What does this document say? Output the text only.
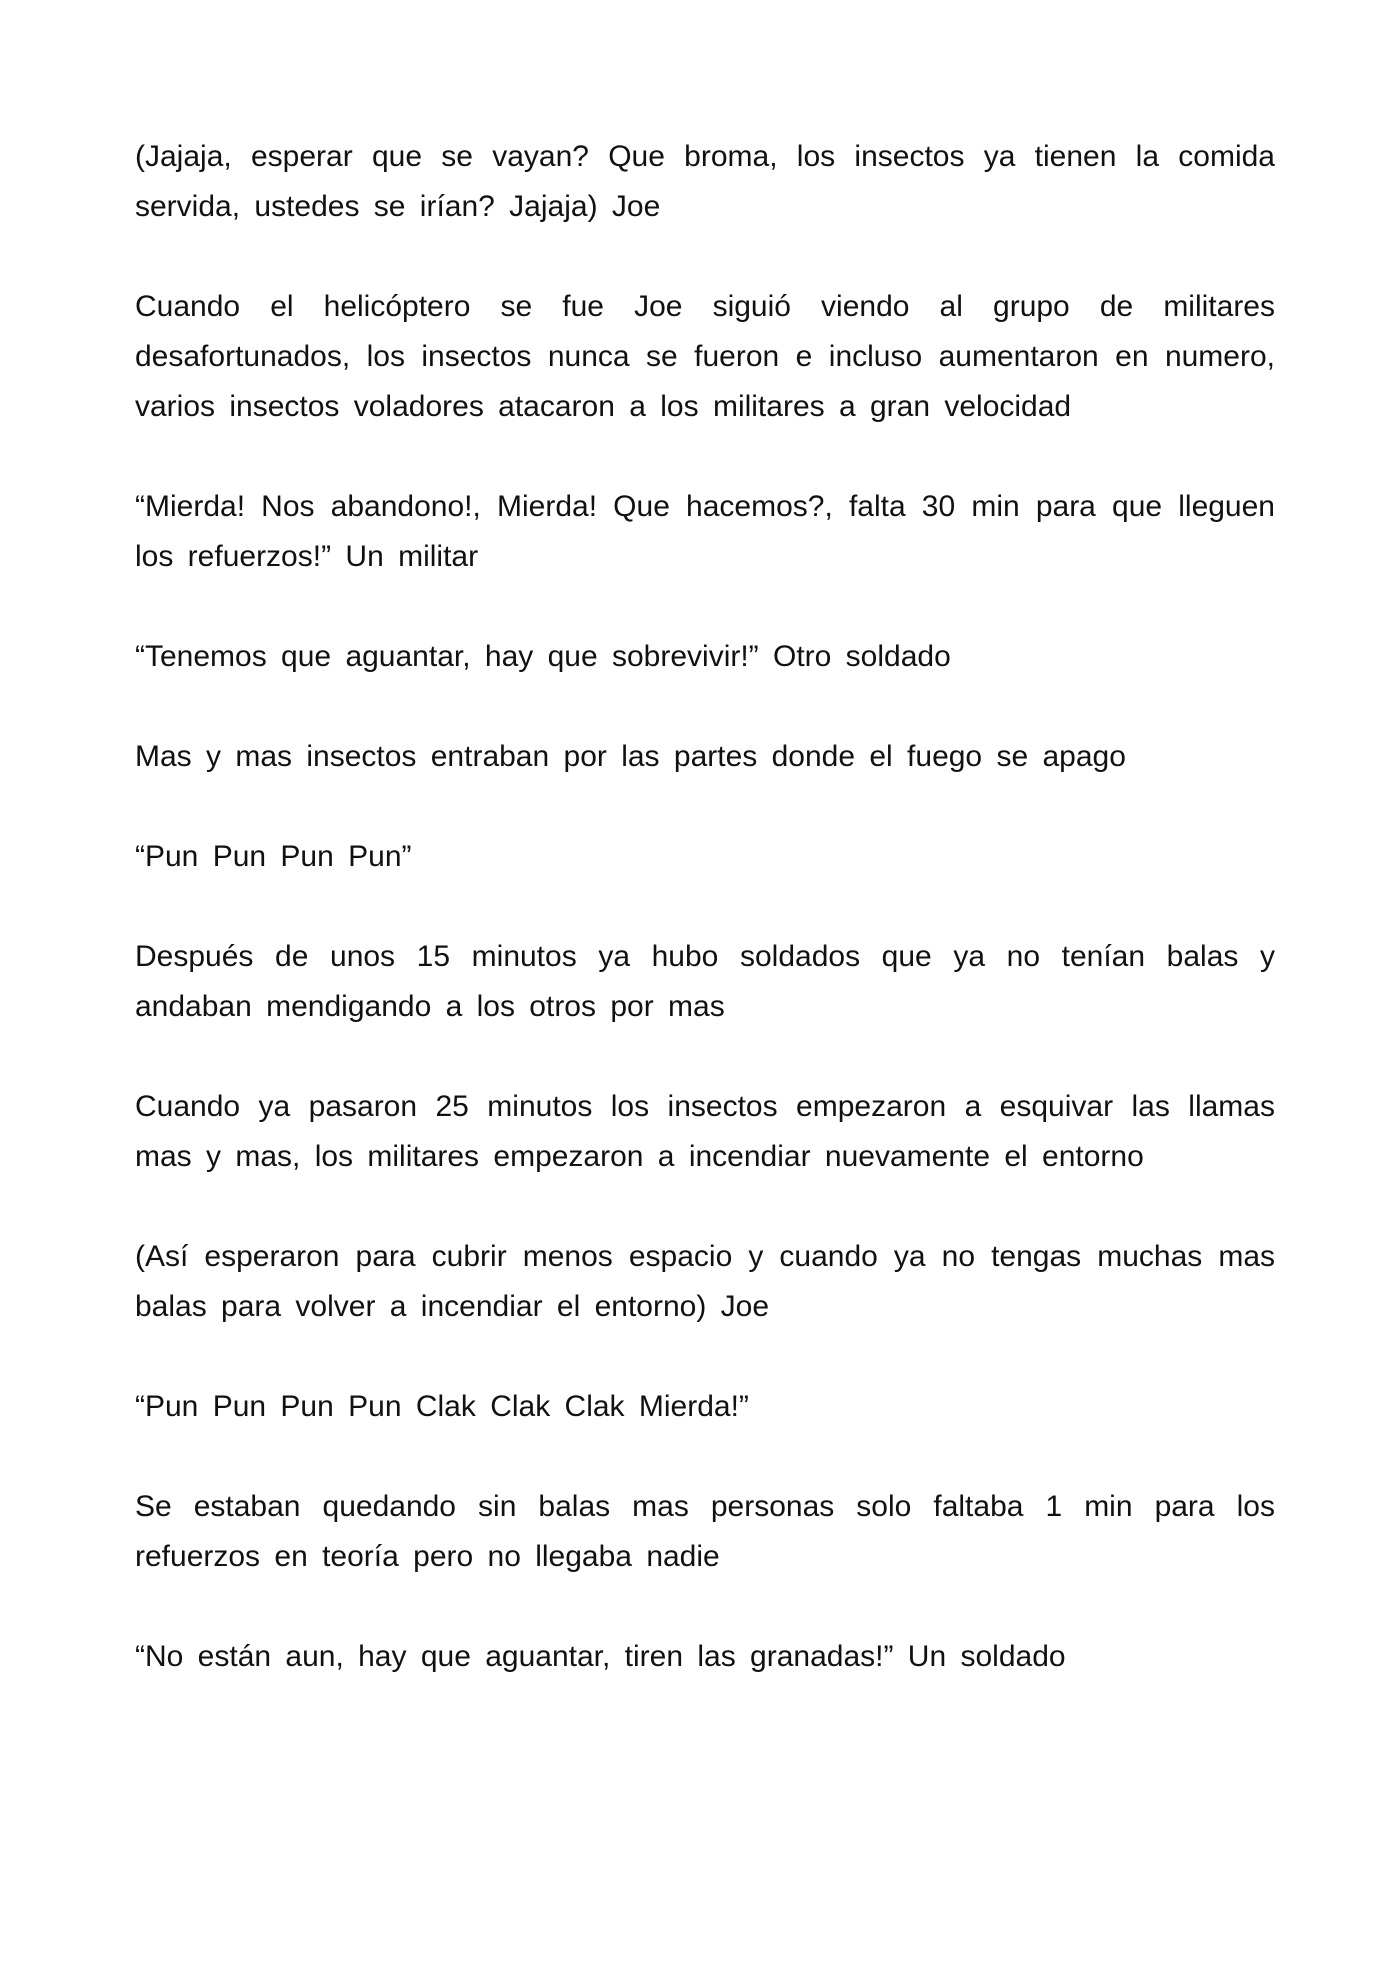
(Jajaja, esperar que se vayan? Que broma, los insectos ya tienen la comida servida, ustedes se irían? Jajaja) Joe

Cuando el helicóptero se fue Joe siguió viendo al grupo de militares desafortunados, los insectos nunca se fueron e incluso aumentaron en numero, varios insectos voladores atacaron a los militares a gran velocidad

“Mierda! Nos abandono!, Mierda! Que hacemos?, falta 30 min para que lleguen los refuerzos!” Un militar

“Tenemos que aguantar, hay que sobrevivir!” Otro soldado

Mas y mas insectos entraban por las partes donde el fuego se apago

“Pun Pun Pun Pun”

Después de unos 15 minutos ya hubo soldados que ya no tenían balas y andaban mendigando a los otros por mas

Cuando ya pasaron 25 minutos los insectos empezaron a esquivar las llamas mas y mas, los militares empezaron a incendiar nuevamente el entorno

(Así esperaron para cubrir menos espacio y cuando ya no tengas muchas mas balas para volver a incendiar el entorno) Joe

“Pun Pun Pun Pun Clak Clak Clak Mierda!”

Se estaban quedando sin balas mas personas solo faltaba 1 min para los refuerzos en teoría pero no llegaba nadie

“No están aun, hay que aguantar, tiren las granadas!” Un soldado
